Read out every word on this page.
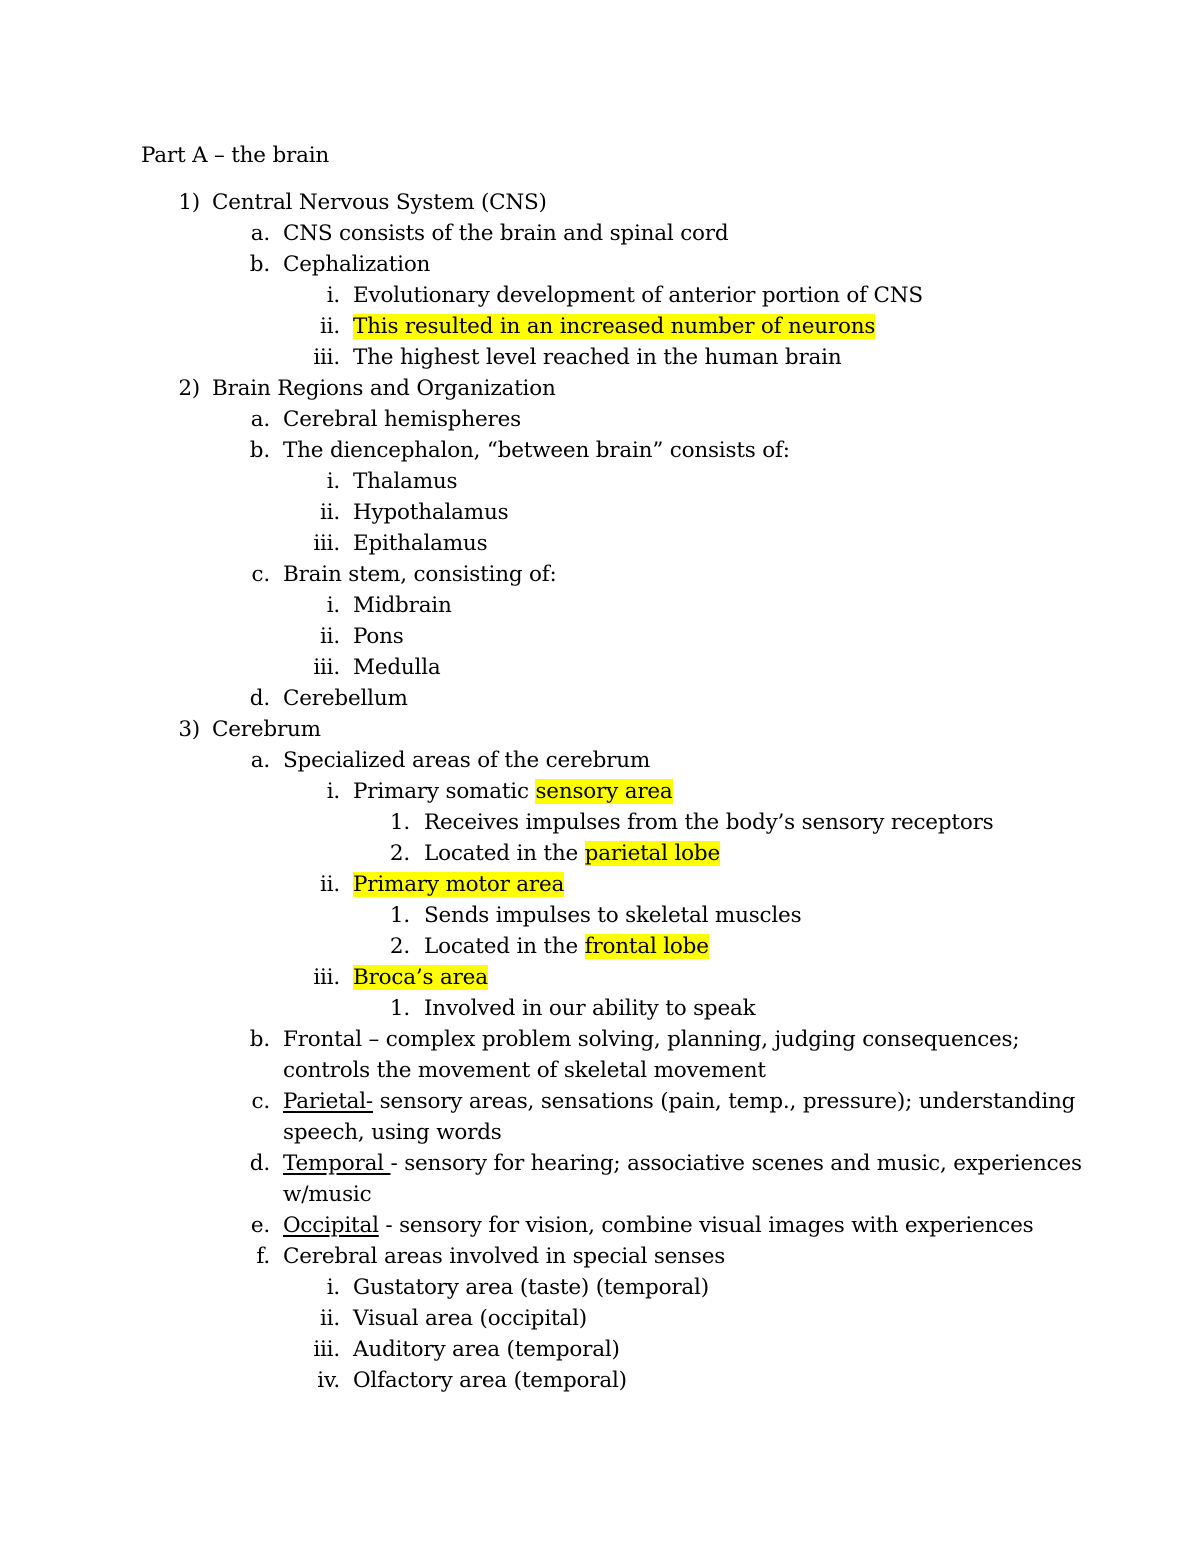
Part A – the brain
1) Central Nervous System (CNS)
a. CNS consists of the brain and spinal cord
b. Cephalization
i. Evolutionary development of anterior portion of CNS
ii. This resulted in an increased number of neurons
iii. The highest level reached in the human brain
2) Brain Regions and Organization
a. Cerebral hemispheres
b. The diencephalon, “between brain” consists of:
i. Thalamus
ii. Hypothalamus
iii. Epithalamus
c. Brain stem, consisting of:
i. Midbrain
ii. Pons
iii. Medulla
d. Cerebellum
3) Cerebrum
a. Specialized areas of the cerebrum
i. Primary somatic sensory area
1. Receives impulses from the body’s sensory receptors
2. Located in the parietal lobe
ii. Primary motor area
1. Sends impulses to skeletal muscles
2. Located in the frontal lobe
iii. Broca’s area
1. Involved in our ability to speak
b. Frontal – complex problem solving, planning, judging consequences;
controls the movement of skeletal movement
c. Parietal- sensory areas, sensations (pain, temp., pressure); understanding
speech, using words
d. Temporal - sensory for hearing; associative scenes and music, experiences
w/music
e. Occipital - sensory for vision, combine visual images with experiences
f. Cerebral areas involved in special senses
i. Gustatory area (taste) (temporal)
ii. Visual area (occipital)
iii. Auditory area (temporal)
iv. Olfactory area (temporal)
